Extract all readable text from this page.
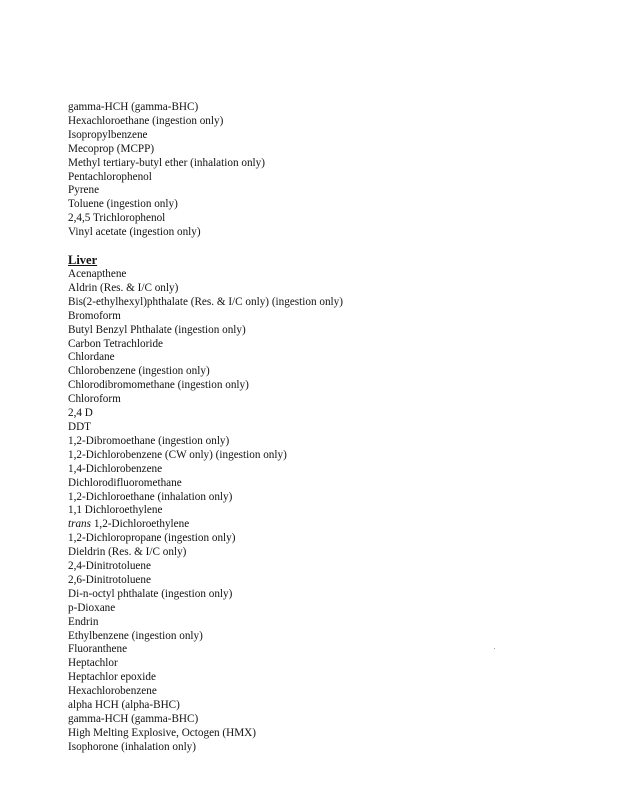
gamma-HCH (gamma-BHC)
Hexachloroethane (ingestion only)
Isopropylbenzene
Mecoprop (MCPP)
Methyl tertiary-butyl ether (inhalation only)
Pentachlorophenol
Pyrene
Toluene (ingestion only)
2,4,5 Trichlorophenol
Vinyl acetate (ingestion only)
Liver
Acenapthene
Aldrin (Res. & I/C only)
Bis(2-ethylhexyl)phthalate (Res. & I/C only) (ingestion only)
Bromoform
Butyl Benzyl Phthalate (ingestion only)
Carbon Tetrachloride
Chlordane
Chlorobenzene (ingestion only)
Chlorodibromomethane (ingestion only)
Chloroform
2,4 D
DDT
1,2-Dibromoethane (ingestion only)
1,2-Dichlorobenzene (CW only) (ingestion only)
1,4-Dichlorobenzene
Dichlorodifluoromethane
1,2-Dichloroethane (inhalation only)
1,1 Dichloroethylene
trans 1,2-Dichloroethylene
1,2-Dichloropropane (ingestion only)
Dieldrin (Res. & I/C only)
2,4-Dinitrotoluene
2,6-Dinitrotoluene
Di-n-octyl phthalate (ingestion only)
p-Dioxane
Endrin
Ethylbenzene (ingestion only)
Fluoranthene
Heptachlor
Heptachlor epoxide
Hexachlorobenzene
alpha HCH (alpha-BHC)
gamma-HCH (gamma-BHC)
High Melting Explosive, Octogen (HMX)
Isophorone (inhalation only)
